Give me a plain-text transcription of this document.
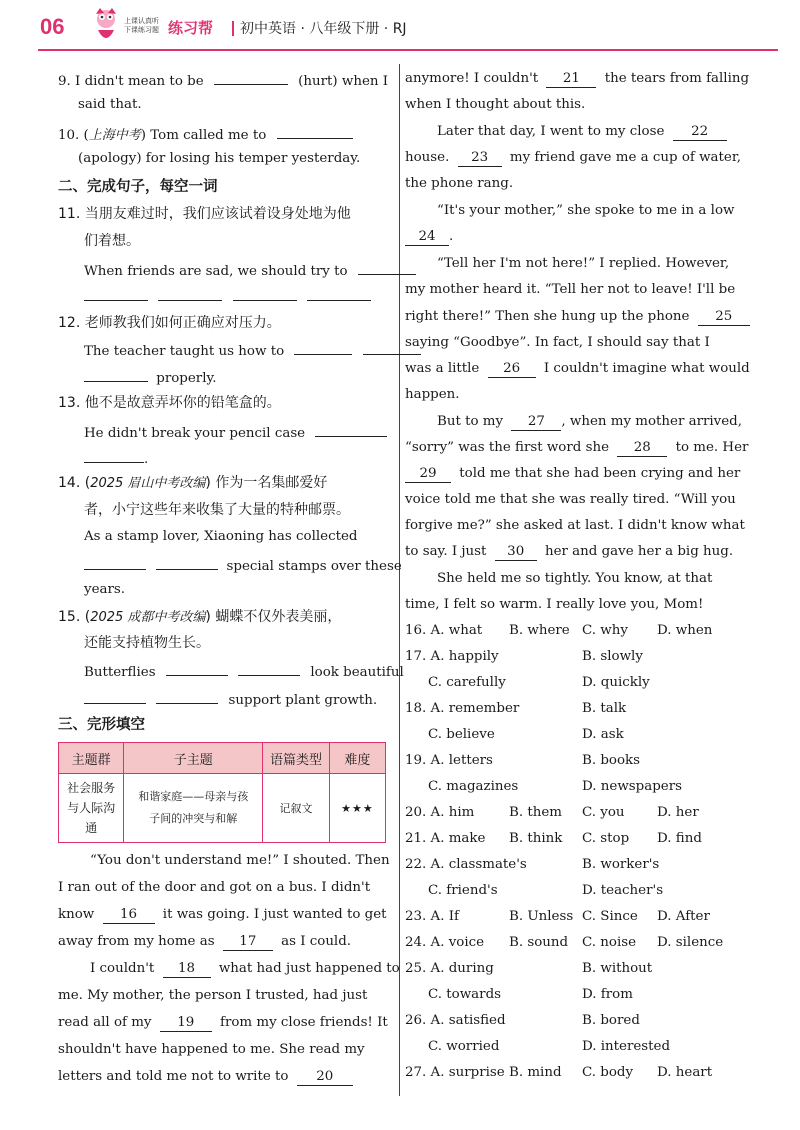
06	上课认真听
下课练习题 练习帮 初中英语 · 八年级下册 · RJ
9. I didn't mean to be	(hurt) when I
said that.
10. (上海中考) Tom called me to
(apology) for losing his temper yesterday.
二、完成句子，每空一词
11. 当朋友难过时，我们应该试着设身处地为他
们着想。
When friends are sad, we should try to

12. 老师教我们如何正确应对压力。
The teacher taught us how to
properly.
13. 他不是故意弄坏你的铅笔盒的。
He didn't break your pencil case
.
14. (2025 眉山中考改编) 作为一名集邮爱好
者，小宁这些年来收集了大量的特种邮票。
As a stamp lover, Xiaoning has collected
special stamps over these
years.
15. (2025 成都中考改编) 蝴蝶不仅外表美丽，
还能支持植物生长。
Butterflies	look beautiful
support plant growth.
三、完形填空
主题群	子主题	语篇类型	难度
社会服务与人际沟通	和谐家庭——母亲与孩子间的冲突与和解	记叙文	★★★
“You don't understand me!” I shouted. Then
I ran out of the door and got on a bus. I didn't
know 16 it was going. I just wanted to get
away from my home as 17 as I could.
I couldn't 18 what had just happened to
me. My mother, the person I trusted, had just
read all of my 19 from my close friends! It
shouldn't have happened to me. She read my
letters and told me not to write to 20
anymore! I couldn't 21 the tears from falling
when I thought about this.
Later that day, I went to my close 22
house. 23 my friend gave me a cup of water,
the phone rang.
“It's your mother,” she spoke to me in a low
24 .
“Tell her I'm not here!” I replied. However,
my mother heard it. “Tell her not to leave! I'll be
right there!” Then she hung up the phone 25
saying “Goodbye”. In fact, I should say that I
was a little 26 I couldn't imagine what would
happen.
But to my 27 , when my mother arrived,
“sorry” was the first word she 28 to me. Her
29 told me that she had been crying and her
voice told me that she was really tired. “Will you
forgive me?” she asked at last. I didn't know what
to say. I just 30 her and gave her a big hug.
She held me so tightly. You know, at that
time, I felt so warm. I really love you, Mom!
16. A. what B. where C. why D. when
17. A. happily	B. slowly
C. carefully	D. quickly
18. A. remember	B. talk
C. believe	D. ask
19. A. letters	B. books
C. magazines	D. newspapers
20. A. him	B. them C. you D. her
21. A. make B. think C. stop D. find
22. A. classmate's	B. worker's
C. friend's	D. teacher's
23. A. If	B. Unless C. Since D. After
24. A. voice B. sound C. noise D. silence
25. A. during	B. without
C. towards	D. from
26. A. satisfied	B. bored
C. worried	D. interested
27. A. surprise B. mind C. body D. heart
